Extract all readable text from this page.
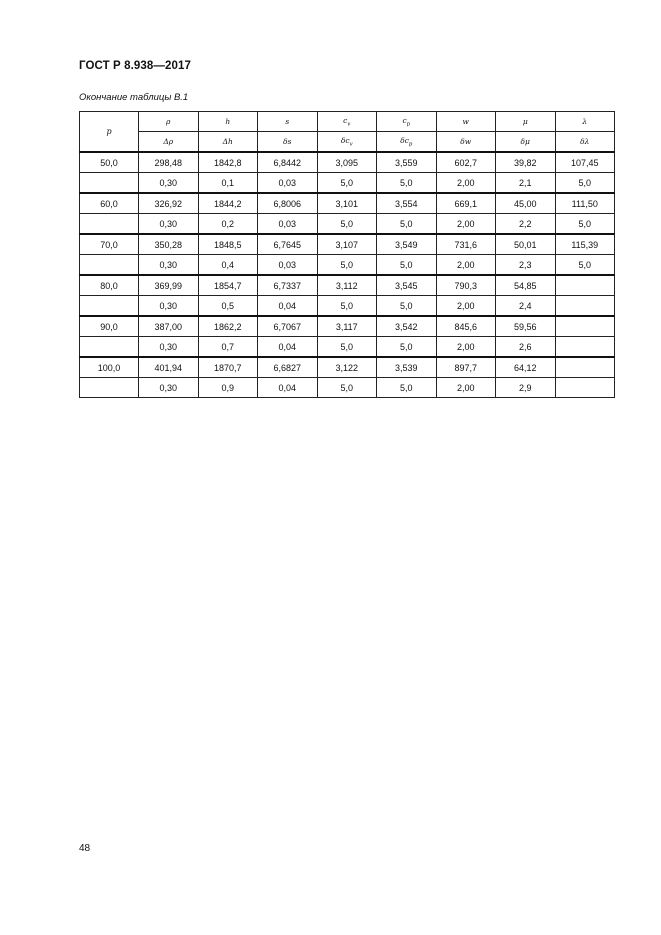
ГОСТ Р 8.938—2017
Окончание таблицы В.1
p	ρ	h	s	$c_v$	$c_p$	w	μ	λ
	Δρ	Δh	δs	$\delta c_v$	$\delta c_p$	δw	δμ	δλ
50,0	298,48	1842,8	6,8442	3,095	3,559	602,7	39,82	107,45
	0,30	0,1	0,03	5,0	5,0	2,00	2,1	5,0
60,0	326,92	1844,2	6,8006	3,101	3,554	669,1	45,00	111,50
	0,30	0,2	0,03	5,0	5,0	2,00	2,2	5,0
70,0	350,28	1848,5	6,7645	3,107	3,549	731,6	50,01	115,39
	0,30	0,4	0,03	5,0	5,0	2,00	2,3	5,0
80,0	369,99	1854,7	6,7337	3,112	3,545	790,3	54,85	
	0,30	0,5	0,04	5,0	5,0	2,00	2,4	
90,0	387,00	1862,2	6,7067	3,117	3,542	845,6	59,56	
	0,30	0,7	0,04	5,0	5,0	2,00	2,6	
100,0	401,94	1870,7	6,6827	3,122	3,539	897,7	64,12	
	0,30	0,9	0,04	5,0	5,0	2,00	2,9	
48
